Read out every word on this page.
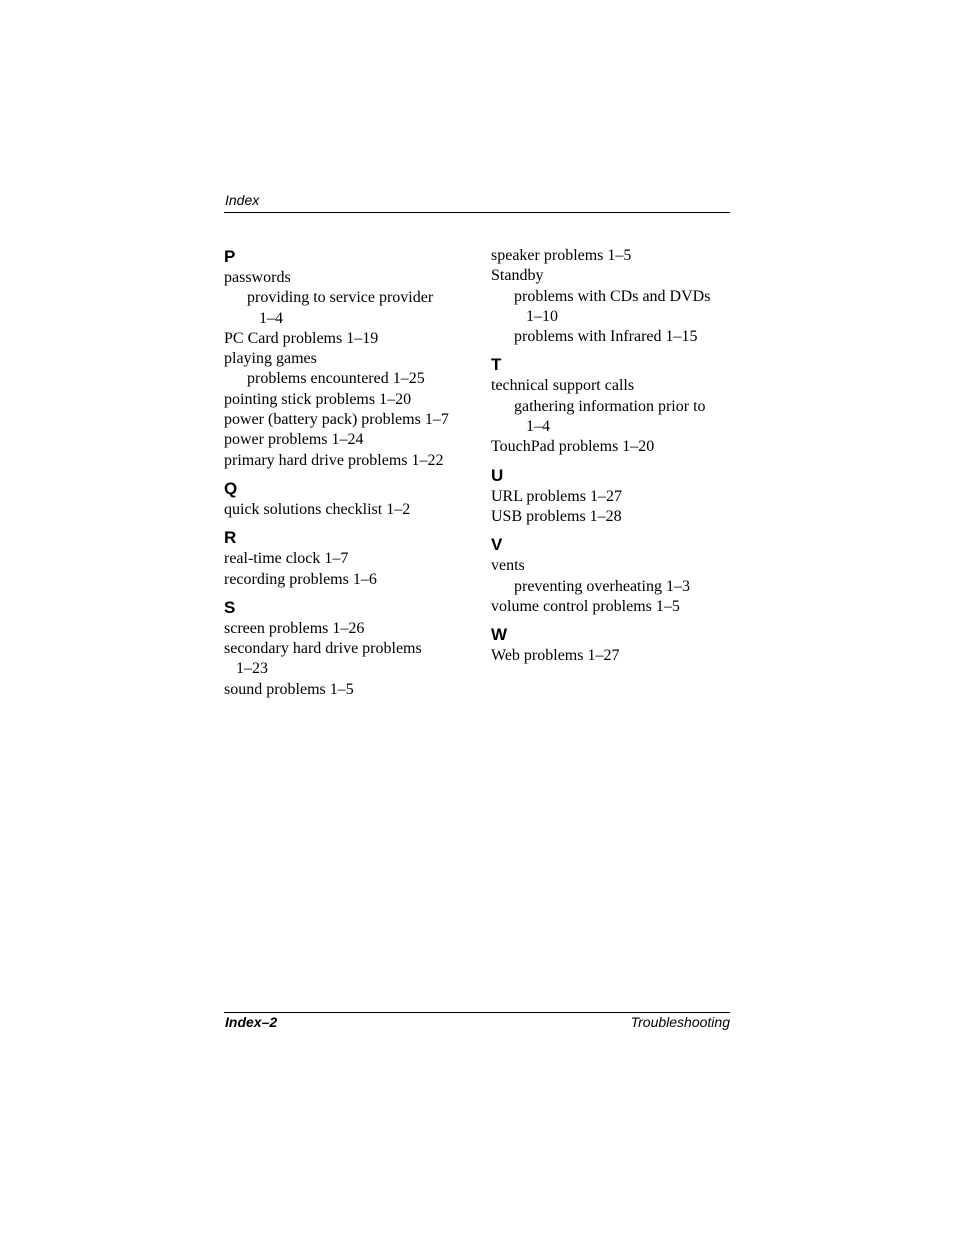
Index
P
passwords
providing to service provider
1–4
PC Card problems 1–19
playing games
problems encountered 1–25
pointing stick problems 1–20
power (battery pack) problems 1–7
power problems 1–24
primary hard drive problems 1–22
Q
quick solutions checklist 1–2
R
real-time clock 1–7
recording problems 1–6
S
screen problems 1–26
secondary hard drive problems
1–23
sound problems 1–5
speaker problems 1–5
Standby
problems with CDs and DVDs
1–10
problems with Infrared 1–15
T
technical support calls
gathering information prior to
1–4
TouchPad problems 1–20
U
URL problems 1–27
USB problems 1–28
V
vents
preventing overheating 1–3
volume control problems 1–5
W
Web problems 1–27
Index–2	Troubleshooting
